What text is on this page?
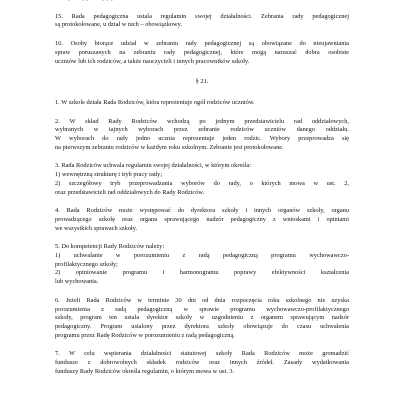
15. Rada pedagogiczna ustala regulamin swojej działalności. Zebrania rady pedagogicznej
są protokołowane, u dział w nich – obowiązkowy.
16. Osoby biorące udział w zebraniu rady pedagogicznej są obowiązane do nieujawniania
spraw poruszanych na zebraniu rady pedagogicznej, które mogą naruszać dobra osobiste
uczniów lub ich rodziców, a także nauczycieli i innych pracowników szkoły.
§ 21.
1. W szkole działa Rada Rodziców, która reprezentuje ogół rodziców uczniów.
2. W skład Rady Rodziców wchodzą po jednym przedstawicielu rad oddziałowych,
wybranych w tajnych wyborach przez zebranie rodziców uczniów danego oddziału.
W wyborach do rady jedno ucznia reprezentuje jeden rodzic. Wybory przeprowadza się
na pierwszym zebraniu rodziców w każdym roku szkolnym. Zebranie jest protokołowane.
3. Rada Rodziców uchwala regulamin swojej działalności, w którym określa:
1) wewnętrzną strukturę i tryb pracy rady;
2) szczegółowy tryb przeprowadzania wyborów do rady, o których mowa w ust. 2,
oraz przedstawicieli rad oddziałowych do Rady Rodziców.
4. Rada Rodziców może występować do dyrektora szkoły i innych organów szkoły, organu
prowadzącego szkołę oraz organu sprawującego nadzór pedagogiczny z wnioskami i opiniami
we wszystkich sprawach szkoły.
5. Do kompetencji Rady Rodziców należy:
1) uchwalanie w porozumieniu z radą pedagogiczną programu wychowawczo-
profilaktycznego szkoły;
2) opiniowanie programu i harmonogramu poprawy efektywności kształcenia
lub wychowania.
6. Jeżeli Rada Rodziców w terminie 30 dni od dnia rozpoczęcia roku szkolnego nie uzyska
porozumienia z radą pedagogiczną w sprawie programu wychowawczo-profilaktycznego
szkoły, program ten ustala dyrektor szkoły w uzgodnieniu z organem sprawującym nadzór
pedagogiczny. Program ustalony przez dyrektora szkoły obowiązuje do czasu uchwalenia
programu przez Radę Rodziców w porozumieniu z radą pedagogiczną.
7. W celu wspierania działalności statutowej szkoły Rada Rodziców może gromadzić
fundusze z dobrowolnych składek rodziców oraz innych źródeł. Zasady wydatkowania
funduszy Rady Rodziców określa regulamin, o którym mowa w ust. 3.
